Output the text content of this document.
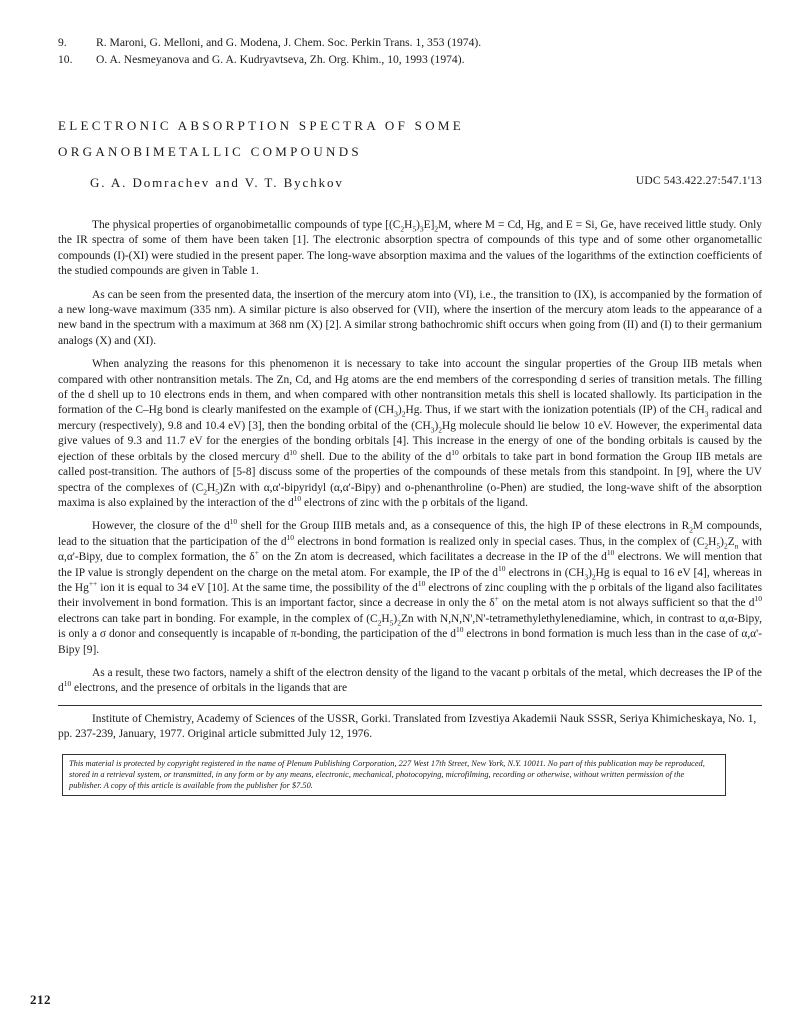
9.	R. Maroni, G. Melloni, and G. Modena, J. Chem. Soc. Perkin Trans. 1, 353 (1974).
10.	O. A. Nesmeyanova and G. A. Kudryavtseva, Zh. Org. Khim., 10, 1993 (1974).
ELECTRONIC ABSORPTION SPECTRA OF SOME
ORGANOBIMETALLIC COMPOUNDS
G. A. Domrachev and V. T. Bychkov	UDC 543.422.27:547.1'13

The physical properties of organobimetallic compounds of type $[(C_2H_5)_3E]_2M$, where M = Cd, Hg, and E = Si, Ge, have received little study. Only the IR spectra of some of them have been taken [1]. The electronic absorption spectra of compounds of this type and of some other organometallic compounds (I)-(XI) were studied in the present paper. The long-wave absorption maxima and the values of the logarithms of the extinction coefficients of the studied compounds are given in Table 1.

As can be seen from the presented data, the insertion of the mercury atom into (VI), i.e., the transition to (IX), is accompanied by the formation of a new long-wave maximum (335 nm). A similar picture is also observed for (VII), where the insertion of the mercury atom leads to the appearance of a new band in the spectrum with a maximum at 368 nm (X) [2]. A similar strong bathochromic shift occurs when going from (II) and (I) to their germanium analogs (X) and (XI).

When analyzing the reasons for this phenomenon it is necessary to take into account the singular properties of the Group IIB metals when compared with other nontransition metals. The Zn, Cd, and Hg atoms are the end members of the corresponding d series of transition metals. The filling of the d shell up to 10 electrons ends in them, and when compared with other nontransition metals this shell is located shallowly. Its participation in the formation of the C–Hg bond is clearly manifested on the example of $(CH_3)_2Hg$. Thus, if we start with the ionization potentials (IP) of the $CH_3$ radical and mercury (respectively), 9.8 and 10.4 eV) [3], then the bonding orbital of the $(CH_3)_2Hg$ molecule should lie below 10 eV. However, the experimental data give values of 9.3 and 11.7 eV for the energies of the bonding orbitals [4]. This increase in the energy of one of the bonding orbitals is caused by the ejection of these orbitals by the closed mercury $d^{10}$ shell. Due to the ability of the $d^{10}$ orbitals to take part in bond formation the Group IIB metals are called post-transition. The authors of [5-8] discuss some of the properties of the compounds of these metals from this standpoint. In [9], where the UV spectra of the complexes of $(C_2H_5)Zn$ with α,α'-bipyridyl (α,α'-Bipy) and o-phenanthroline (o-Phen) are studied, the long-wave shift of the absorption maxima is also explained by the interaction of the $d^{10}$ electrons of zinc with the p orbitals of the ligand.

However, the closure of the $d^{10}$ shell for the Group IIIB metals and, as a consequence of this, the high IP of these electrons in $R_2M$ compounds, lead to the situation that the participation of the $d^{10}$ electrons in bond formation is realized only in special cases. Thus, in the complex of $(C_2H_5)_2Z_n$ with α,α'-Bipy, due to complex formation, the δ+ on the Zn atom is decreased, which facilitates a decrease in the IP of the $d^{10}$ electrons. We will mention that the IP value is strongly dependent on the charge on the metal atom. For example, the IP of the $d^{10}$ electrons in $(CH_3)_2Hg$ is equal to 16 eV [4], whereas in the Hg++ ion it is equal to 34 eV [10]. At the same time, the possibility of the $d^{10}$ electrons of zinc coupling with the p orbitals of the ligand also facilitates their involvement in bond formation. This is an important factor, since a decrease in only the δ+ on the metal atom is not always sufficient so that the $d^{10}$ electrons can take part in bonding. For example, in the complex of $(C_2H_5)_2Zn$ with N,N,N',N'-tetramethylethylenediamine, which, in contrast to α,α-Bipy, is only a σ donor and consequently is incapable of π-bonding, the participation of the $d^{10}$ electrons in bond formation is much less than in the case of α,α'-Bipy [9].

As a result, these two factors, namely a shift of the electron density of the ligand to the vacant p orbitals of the metal, which decreases the IP of the $d^{10}$ electrons, and the presence of orbitals in the ligands that are

Institute of Chemistry, Academy of Sciences of the USSR, Gorki. Translated from Izvestiya Akademii Nauk SSSR, Seriya Khimicheskaya, No. 1, pp. 237-239, January, 1977. Original article submitted July 12, 1976.
This material is protected by copyright registered in the name of Plenum Publishing Corporation, 227 West 17th Street, New York, N.Y. 10011. No part of this publication may be reproduced, stored in a retrieval system, or transmitted, in any form or by any means, electronic, mechanical, photocopying, microfilming, recording or otherwise, without written permission of the publisher. A copy of this article is available from the publisher for $7.50.
212
